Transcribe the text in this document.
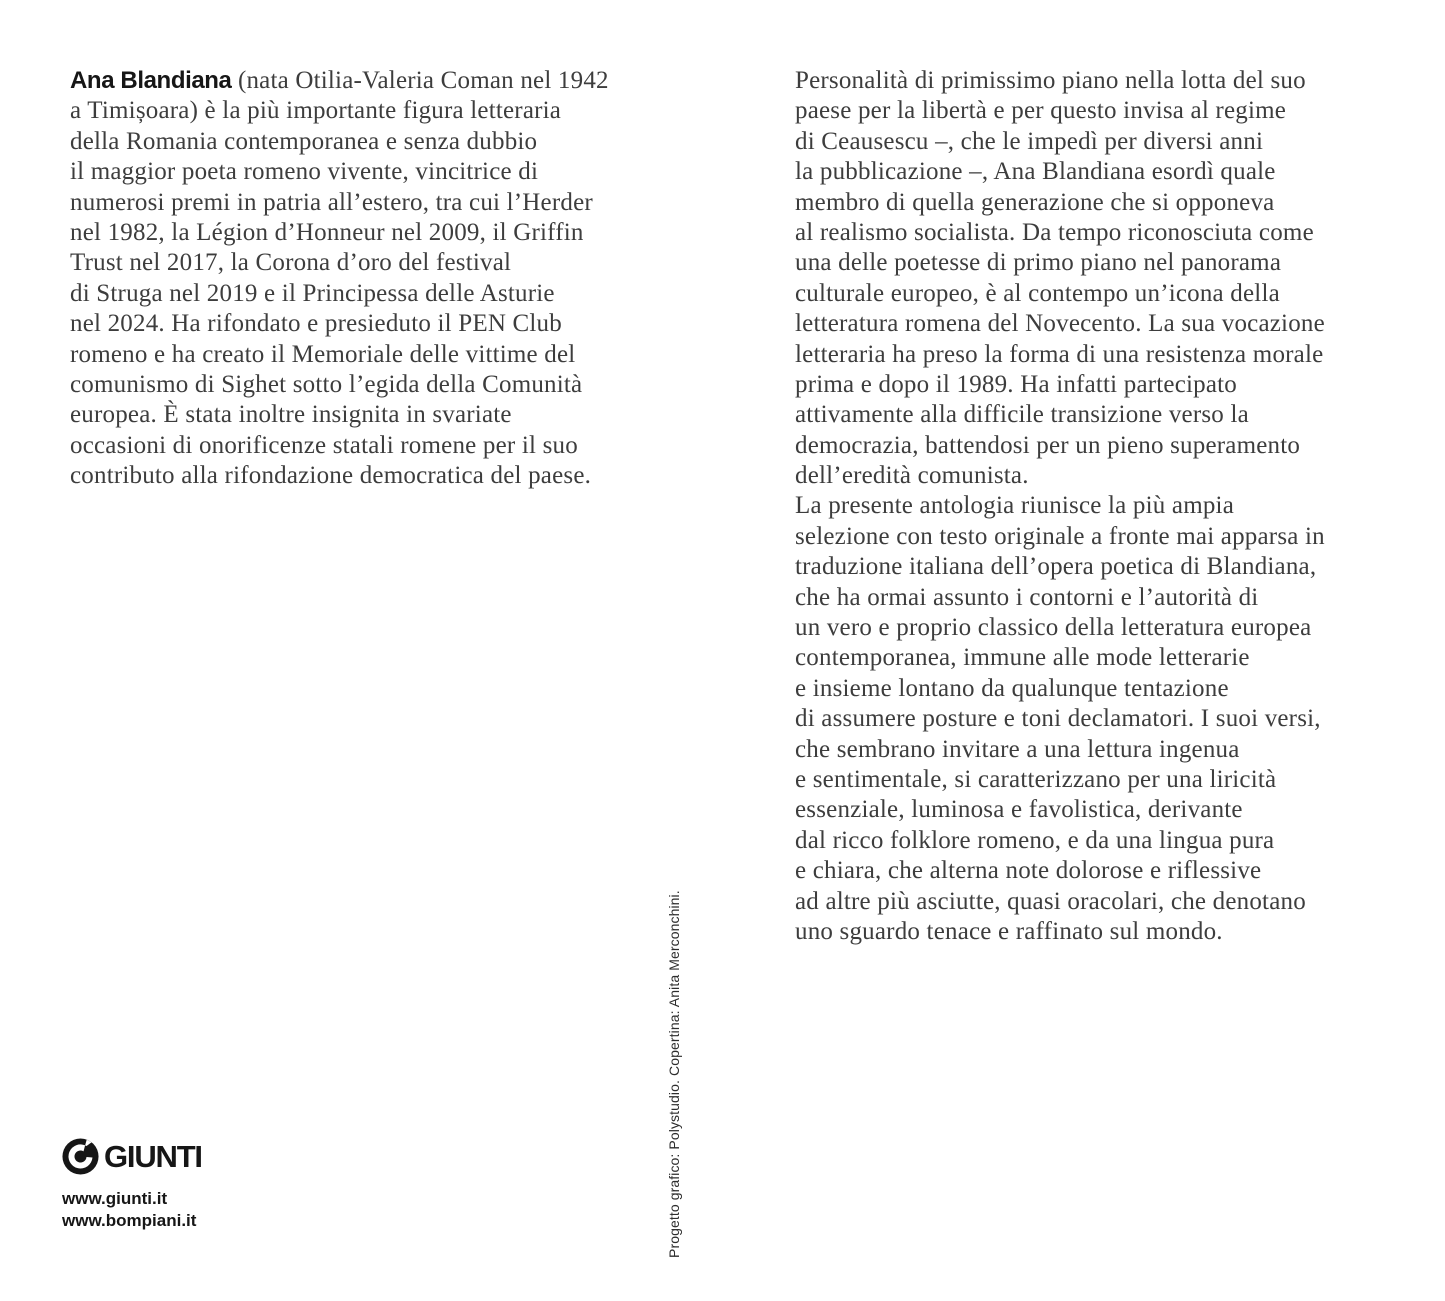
Ana Blandiana (nata Otilia-Valeria Coman nel 1942
a Timișoara) è la più importante figura letteraria
della Romania contemporanea e senza dubbio
il maggior poeta romeno vivente, vincitrice di
numerosi premi in patria all’estero, tra cui l’Herder
nel 1982, la Légion d’Honneur nel 2009, il Griffin
Trust nel 2017, la Corona d’oro del festival
di Struga nel 2019 e il Principessa delle Asturie
nel 2024. Ha rifondato e presieduto il PEN Club
romeno e ha creato il Memoriale delle vittime del
comunismo di Sighet sotto l’egida della Comunità
europea. È stata inoltre insignita in svariate
occasioni di onorificenze statali romene per il suo
contributo alla rifondazione democratica del paese.
Personalità di primissimo piano nella lotta del suo
paese per la libertà e per questo invisa al regime
di Ceausescu –, che le impedì per diversi anni
la pubblicazione –, Ana Blandiana esordì quale
membro di quella generazione che si opponeva
al realismo socialista. Da tempo riconosciuta come
una delle poetesse di primo piano nel panorama
culturale europeo, è al contempo un’icona della
letteratura romena del Novecento. La sua vocazione
letteraria ha preso la forma di una resistenza morale
prima e dopo il 1989. Ha infatti partecipato
attivamente alla difficile transizione verso la
democrazia, battendosi per un pieno superamento
dell’eredità comunista.
La presente antologia riunisce la più ampia
selezione con testo originale a fronte mai apparsa in
traduzione italiana dell’opera poetica di Blandiana,
che ha ormai assunto i contorni e l’autorità di
un vero e proprio classico della letteratura europea
contemporanea, immune alle mode letterarie
e insieme lontano da qualunque tentazione
di assumere posture e toni declamatori. I suoi versi,
che sembrano invitare a una lettura ingenua
e sentimentale, si caratterizzano per una liricità
essenziale, luminosa e favolistica, derivante
dal ricco folklore romeno, e da una lingua pura
e chiara, che alterna note dolorose e riflessive
ad altre più asciutte, quasi oracolari, che denotano
uno sguardo tenace e raffinato sul mondo.
Progetto grafico: Polystudio. Copertina: Anita Merconchini.
GIUNTI
www.giunti.it
www.bompiani.it
